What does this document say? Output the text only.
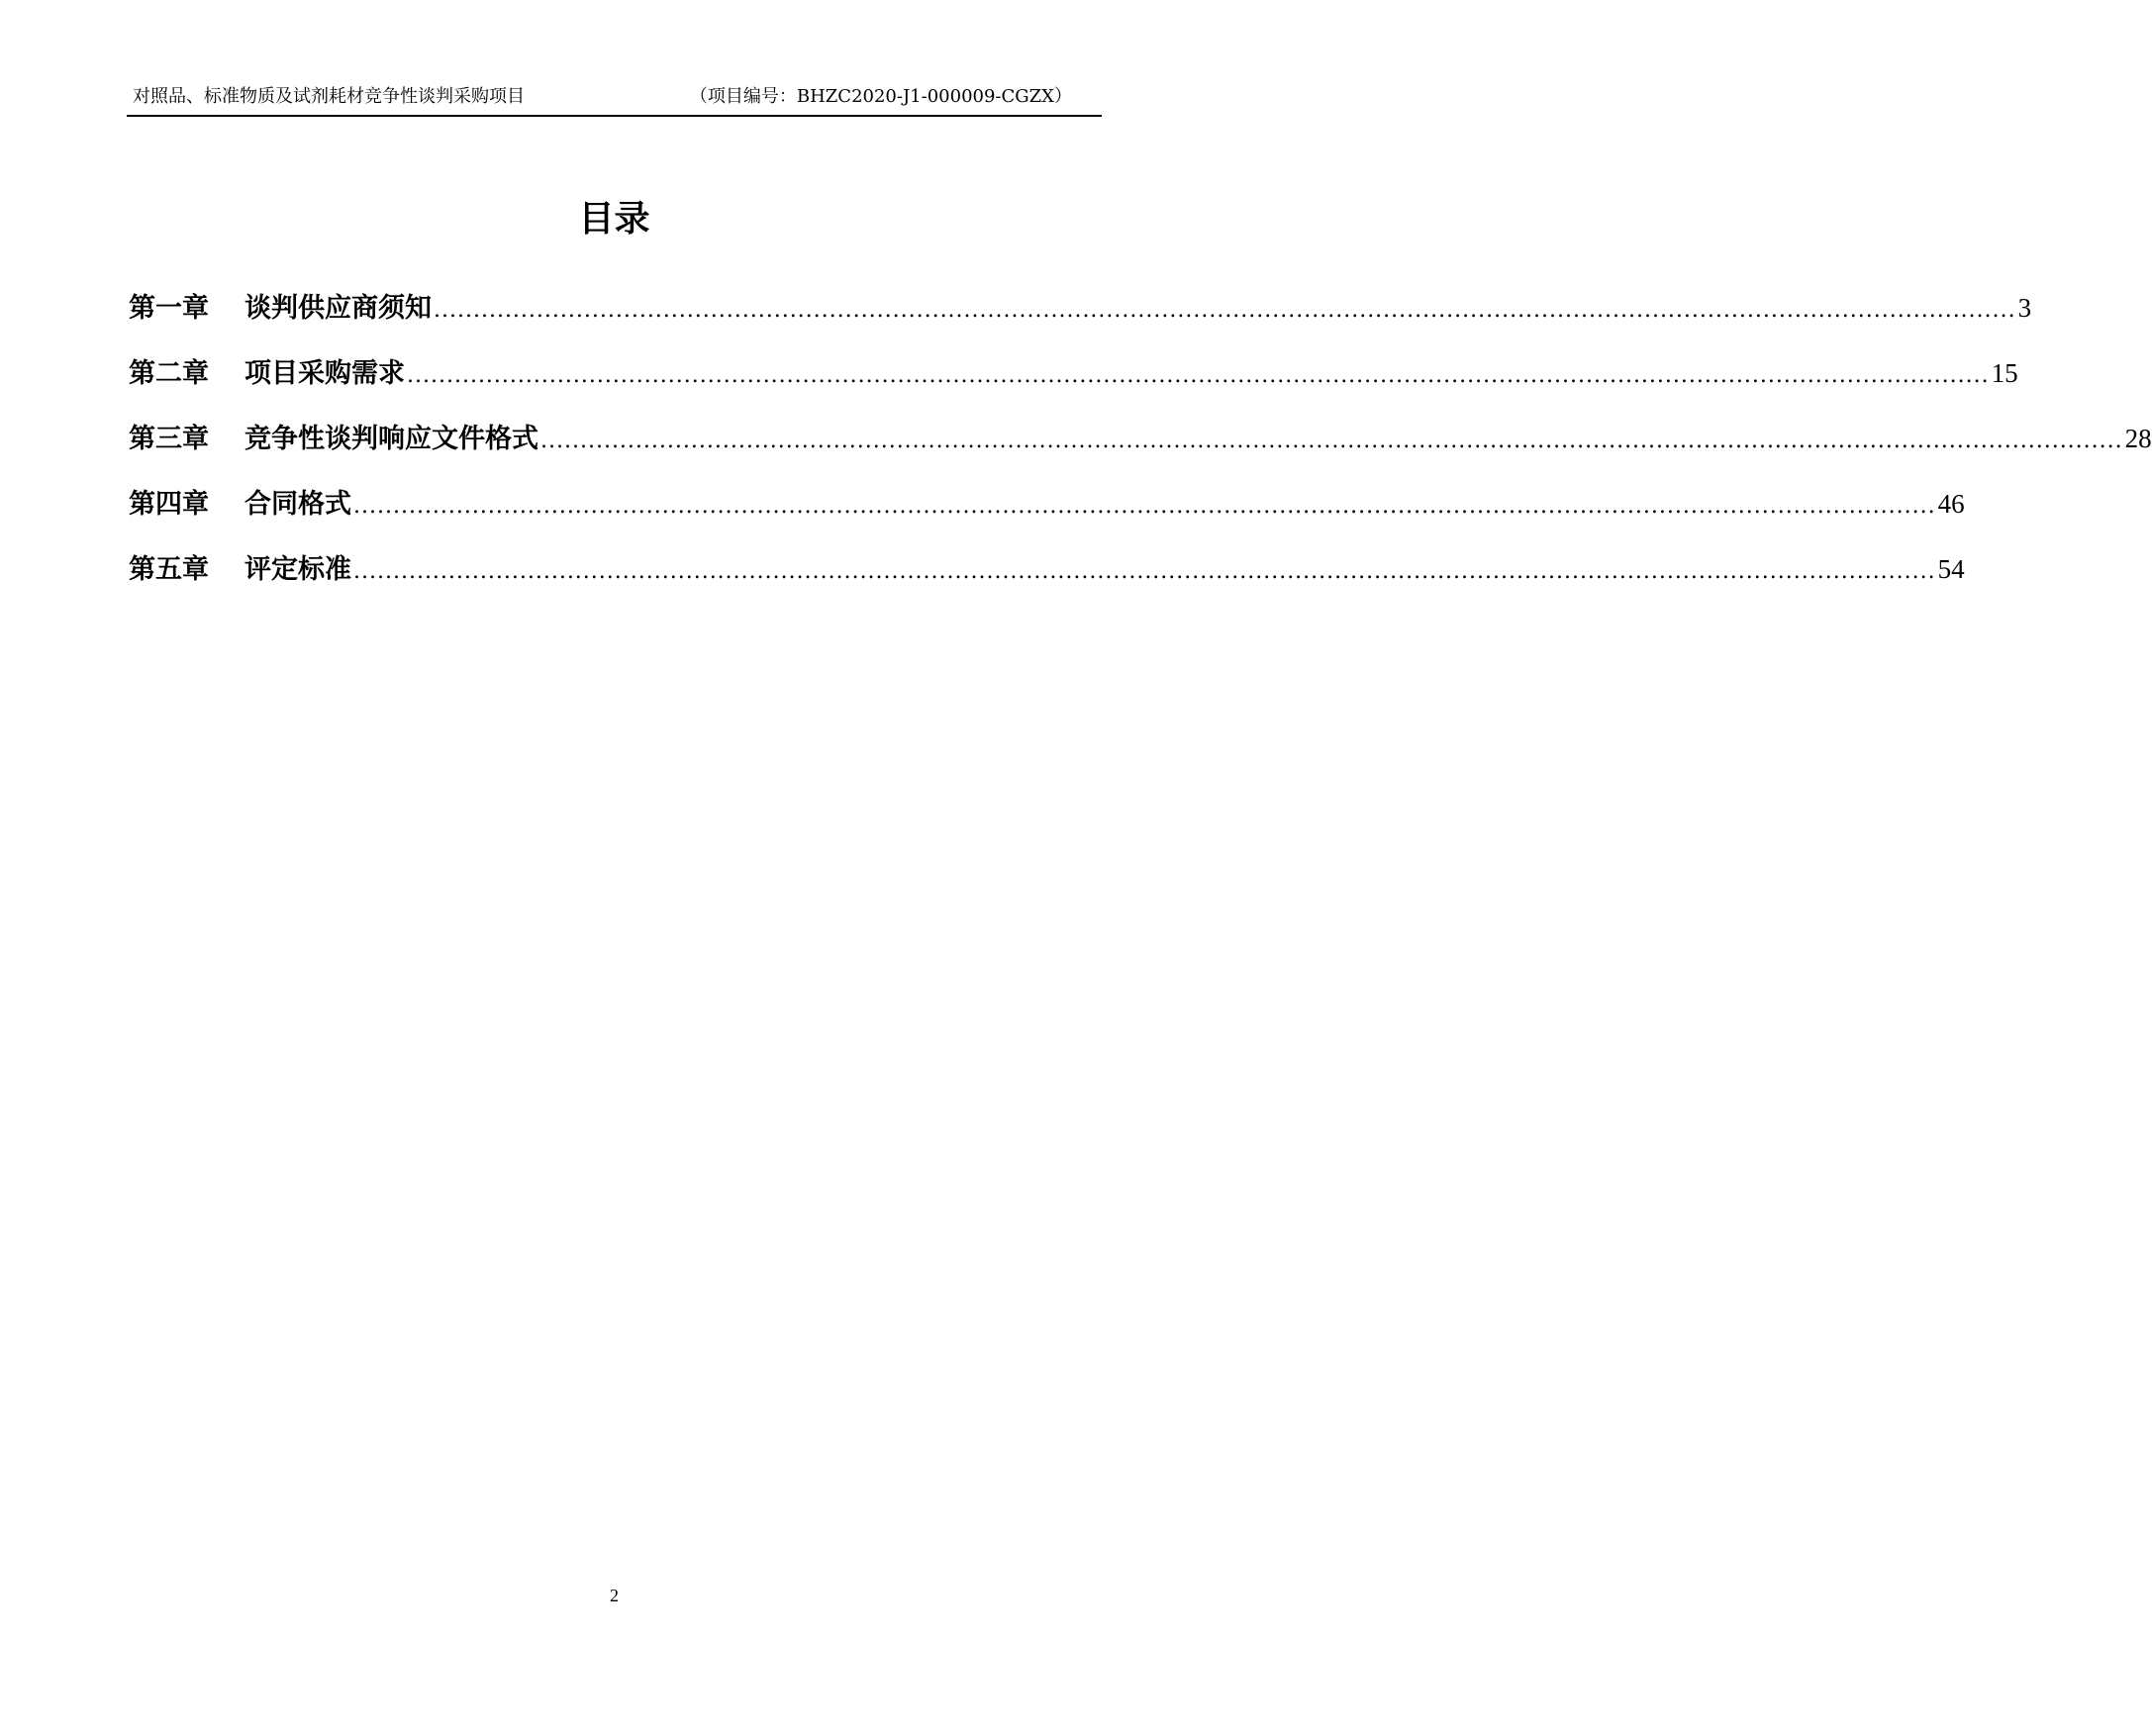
对照品、标准物质及试剂耗材竞争性谈判采购项目	（项目编号：BHZC2020-J1-000009-CGZX）
目录
第一章	谈判供应商须知 ........................................................................................................................................................................................................ 3
第二章	项目采购需求 ........................................................................................................................................................................................................ 15
第三章	竞争性谈判响应文件格式 ........................................................................................................................................................................................................ 28
第四章	合同格式 ........................................................................................................................................................................................................ 46
第五章	评定标准 ........................................................................................................................................................................................................ 54
2
